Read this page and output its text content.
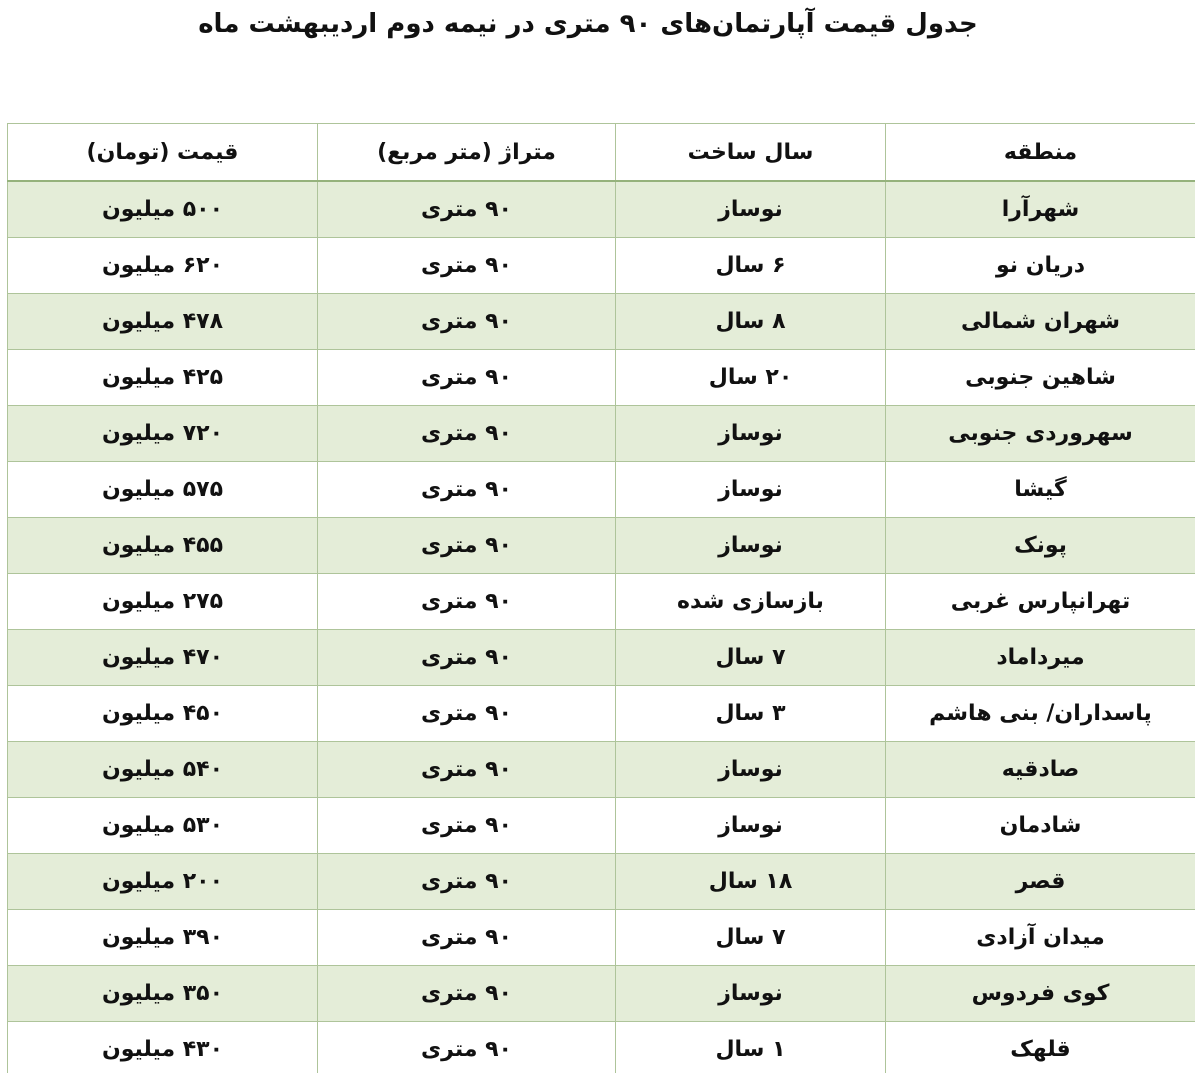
جدول قیمت آپارتمان‌های ۹۰ متری در نیمه دوم اردیبهشت ماه
منطقه	سال ساخت	متراژ (متر مربع)	قیمت (تومان)
شهرآرا	نوساز	۹۰ متری	۵۰۰ میلیون
دریان نو	۶ سال	۹۰ متری	۶۲۰ میلیون
شهران شمالی	۸ سال	۹۰ متری	۴۷۸ میلیون
شاهین جنوبی	۲۰ سال	۹۰ متری	۴۲۵ میلیون
سهروردی جنوبی	نوساز	۹۰ متری	۷۲۰ میلیون
گیشا	نوساز	۹۰ متری	۵۷۵ میلیون
پونک	نوساز	۹۰ متری	۴۵۵ میلیون
تهرانپارس غربی	بازسازی شده	۹۰ متری	۲۷۵ میلیون
میرداماد	۷ سال	۹۰ متری	۴۷۰ میلیون
پاسداران/ بنی هاشم	۳ سال	۹۰ متری	۴۵۰ میلیون
صادقیه	نوساز	۹۰ متری	۵۴۰ میلیون
شادمان	نوساز	۹۰ متری	۵۳۰ میلیون
قصر	۱۸ سال	۹۰ متری	۲۰۰ میلیون
میدان آزادی	۷ سال	۹۰ متری	۳۹۰ میلیون
کوی فردوس	نوساز	۹۰ متری	۳۵۰ میلیون
قلهک	۱ سال	۹۰ متری	۴۳۰ میلیون
